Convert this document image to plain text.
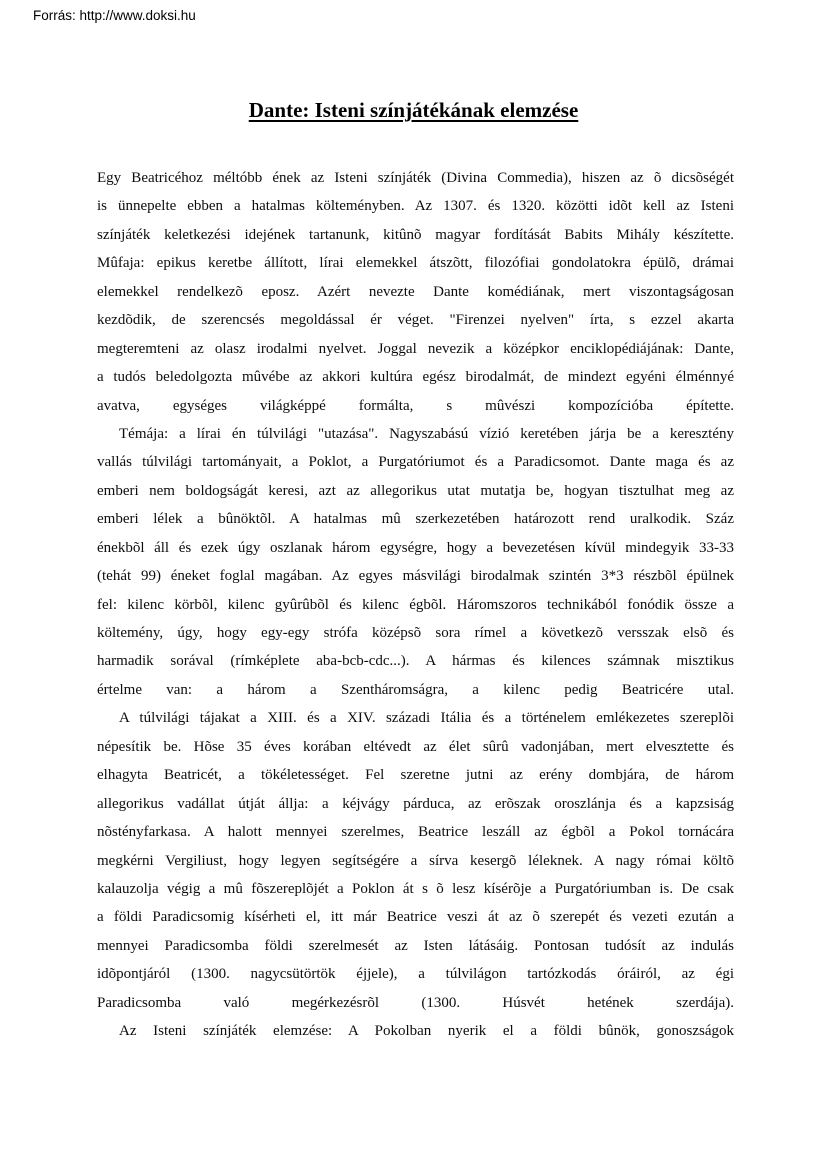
Forrás: http://www.doksi.hu
Dante: Isteni színjátékának elemzése
Egy Beatricéhoz méltóbb ének az Isteni színjáték (Divina Commedia), hiszen az õ dicsõségét
is ünnepelte ebben a hatalmas költeményben. Az 1307. és 1320. közötti idõt kell az Isteni
színjáték keletkezési idejének tartanunk, kitûnõ magyar fordítását Babits Mihály készítette.
Mûfaja: epikus keretbe állított, lírai elemekkel átszõtt, filozófiai gondolatokra épülõ, drámai
elemekkel rendelkezõ eposz. Azért nevezte Dante komédiának, mert viszontagságosan
kezdõdik, de szerencsés megoldással ér véget. "Firenzei nyelven" írta, s ezzel akarta
megteremteni az olasz irodalmi nyelvet. Joggal nevezik a középkor enciklopédiájának: Dante,
a tudós beledolgozta mûvébe az akkori kultúra egész birodalmát, de mindezt egyéni élménnyé
avatva, egységes világképpé formálta, s mûvészi kompozícióba építette.
Témája: a lírai én túlvilági "utazása". Nagyszabású vízió keretében járja be a keresztény
vallás túlvilági tartományait, a Poklot, a Purgatóriumot és a Paradicsomot. Dante maga és az
emberi nem boldogságát keresi, azt az allegorikus utat mutatja be, hogyan tisztulhat meg az
emberi lélek a bûnöktõl. A hatalmas mû szerkezetében határozott rend uralkodik. Száz
énekbõl áll és ezek úgy oszlanak három egységre, hogy a bevezetésen kívül mindegyik 33-33
(tehát 99) éneket foglal magában. Az egyes másvilági birodalmak szintén 3*3 részbõl épülnek
fel: kilenc körbõl, kilenc gyûrûbõl és kilenc égbõl. Háromszoros technikából fonódik össze a
költemény, úgy, hogy egy-egy strófa középsõ sora rímel a következõ versszak elsõ és
harmadik sorával (rímképlete aba-bcb-cdc...). A hármas és kilences számnak misztikus
értelme van: a három a Szentháromságra, a kilenc pedig Beatricére utal.
A túlvilági tájakat a XIII. és a XIV. századi Itália és a történelem emlékezetes szereplõi
népesítik be. Hõse 35 éves korában eltévedt az élet sûrû vadonjában, mert elvesztette és
elhagyta Beatricét, a tökéletességet. Fel szeretne jutni az erény dombjára, de három
allegorikus vadállat útját állja: a kéjvágy párduca, az erõszak oroszlánja és a kapzsiság
nõstényfarkasa. A halott mennyei szerelmes, Beatrice leszáll az égbõl a Pokol tornácára
megkérni Vergiliust, hogy legyen segítségére a sírva kesergõ léleknek. A nagy római költõ
kalauzolja végig a mû fõszereplõjét a Poklon át s õ lesz kísérõje a Purgatóriumban is. De csak
a földi Paradicsomig kísérheti el, itt már Beatrice veszi át az õ szerepét és vezeti ezután a
mennyei Paradicsomba földi szerelmesét az Isten látásáig. Pontosan tudósít az indulás
idõpontjáról (1300. nagycsütörtök éjjele), a túlvilágon tartózkodás óráiról, az égi
Paradicsomba való megérkezésrõl (1300. Húsvét hetének szerdája).
Az Isteni színjáték elemzése: A Pokolban nyerik el a földi bûnök, gonoszságok
